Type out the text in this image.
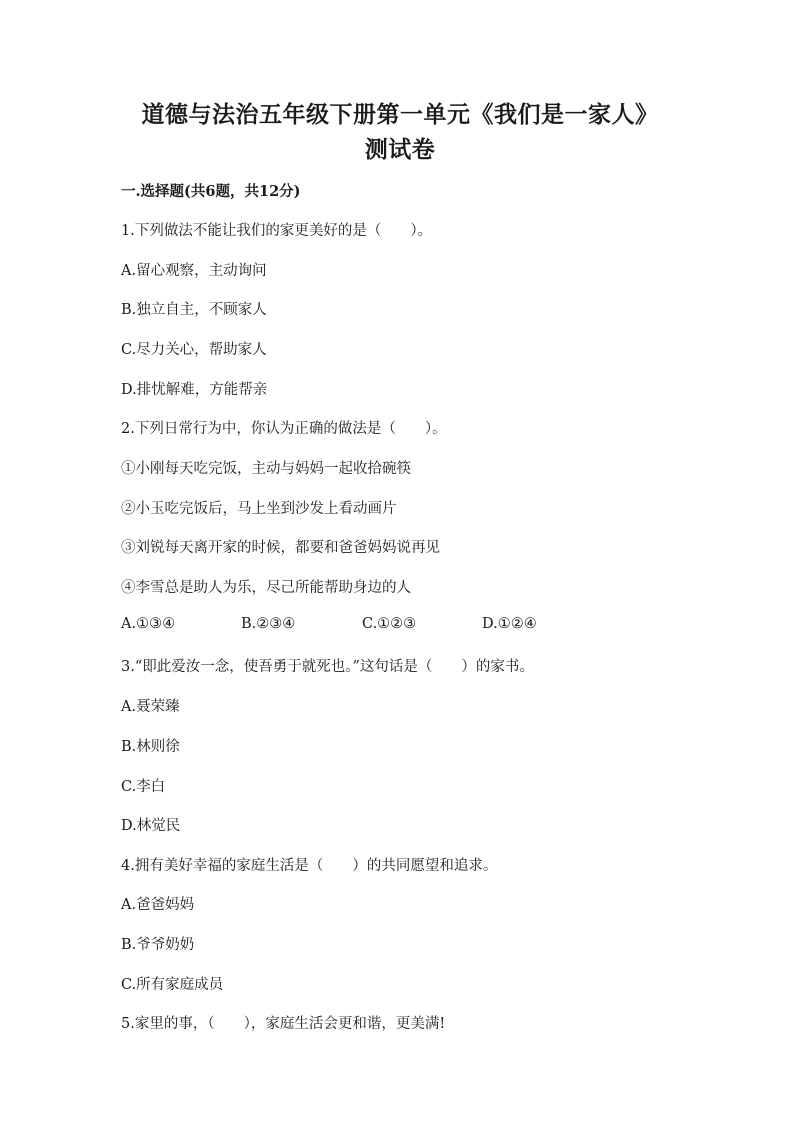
道德与法治五年级下册第一单元《我们是一家人》
测试卷
一.选择题(共6题，共12分)
1.下列做法不能让我们的家更美好的是（　　）。
A.留心观察，主动询问
B.独立自主，不顾家人
C.尽力关心，帮助家人
D.排忧解难，方能帮亲
2.下列日常行为中，你认为正确的做法是（　　）。
①小刚每天吃完饭，主动与妈妈一起收拾碗筷
②小玉吃完饭后，马上坐到沙发上看动画片
③刘锐每天离开家的时候，都要和爸爸妈妈说再见
④李雪总是助人为乐，尽己所能帮助身边的人
A.①③④	B.②③④	C.①②③	D.①②④
3.“即此爱汝一念，使吾勇于就死也。”这句话是（　　）的家书。
A.聂荣臻
B.林则徐
C.李白
D.林觉民
4.拥有美好幸福的家庭生活是（　　）的共同愿望和追求。
A.爸爸妈妈
B.爷爷奶奶
C.所有家庭成员
5.家里的事，（　　），家庭生活会更和谐，更美满!
